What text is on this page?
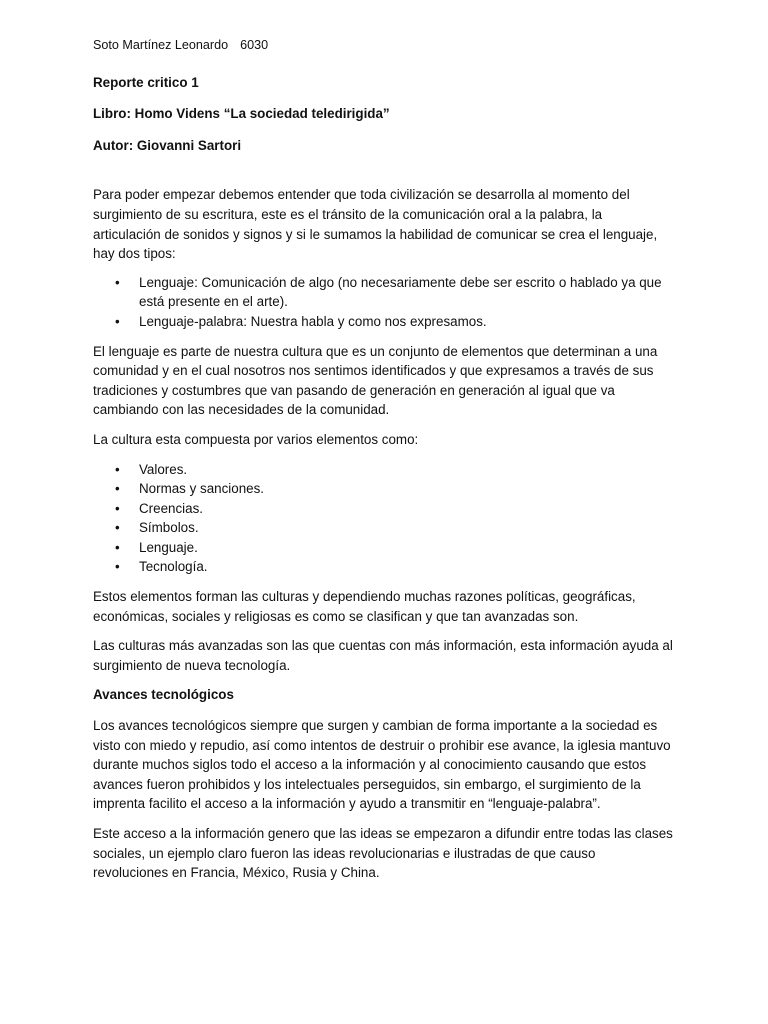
Soto Martínez Leonardo 6030
Reporte critico 1
Libro: Homo Videns “La sociedad teledirigida”
Autor: Giovanni Sartori

Para poder empezar debemos entender que toda civilización se desarrolla al momento del surgimiento de su escritura, este es el tránsito de la comunicación oral a la palabra, la articulación de sonidos y signos y si le sumamos la habilidad de comunicar se crea el lenguaje, hay dos tipos:

• Lenguaje: Comunicación de algo (no necesariamente debe ser escrito o hablado ya que está presente en el arte).
• Lenguaje-palabra: Nuestra habla y como nos expresamos.

El lenguaje es parte de nuestra cultura que es un conjunto de elementos que determinan a una comunidad y en el cual nosotros nos sentimos identificados y que expresamos a través de sus tradiciones y costumbres que van pasando de generación en generación al igual que va cambiando con las necesidades de la comunidad.

La cultura esta compuesta por varios elementos como:

• Valores.
• Normas y sanciones.
• Creencias.
• Símbolos.
• Lenguaje.
• Tecnología.

Estos elementos forman las culturas y dependiendo muchas razones políticas, geográficas, económicas, sociales y religiosas es como se clasifican y que tan avanzadas son.

Las culturas más avanzadas son las que cuentas con más información, esta información ayuda al surgimiento de nueva tecnología.

Avances tecnológicos

Los avances tecnológicos siempre que surgen y cambian de forma importante a la sociedad es visto con miedo y repudio, así como intentos de destruir o prohibir ese avance, la iglesia mantuvo durante muchos siglos todo el acceso a la información y al conocimiento causando que estos avances fueron prohibidos y los intelectuales perseguidos, sin embargo, el surgimiento de la imprenta facilito el acceso a la información y ayudo a transmitir en “lenguaje-palabra”.

Este acceso a la información genero que las ideas se empezaron a difundir entre todas las clases sociales, un ejemplo claro fueron las ideas revolucionarias e ilustradas de que causo revoluciones en Francia, México, Rusia y China.
